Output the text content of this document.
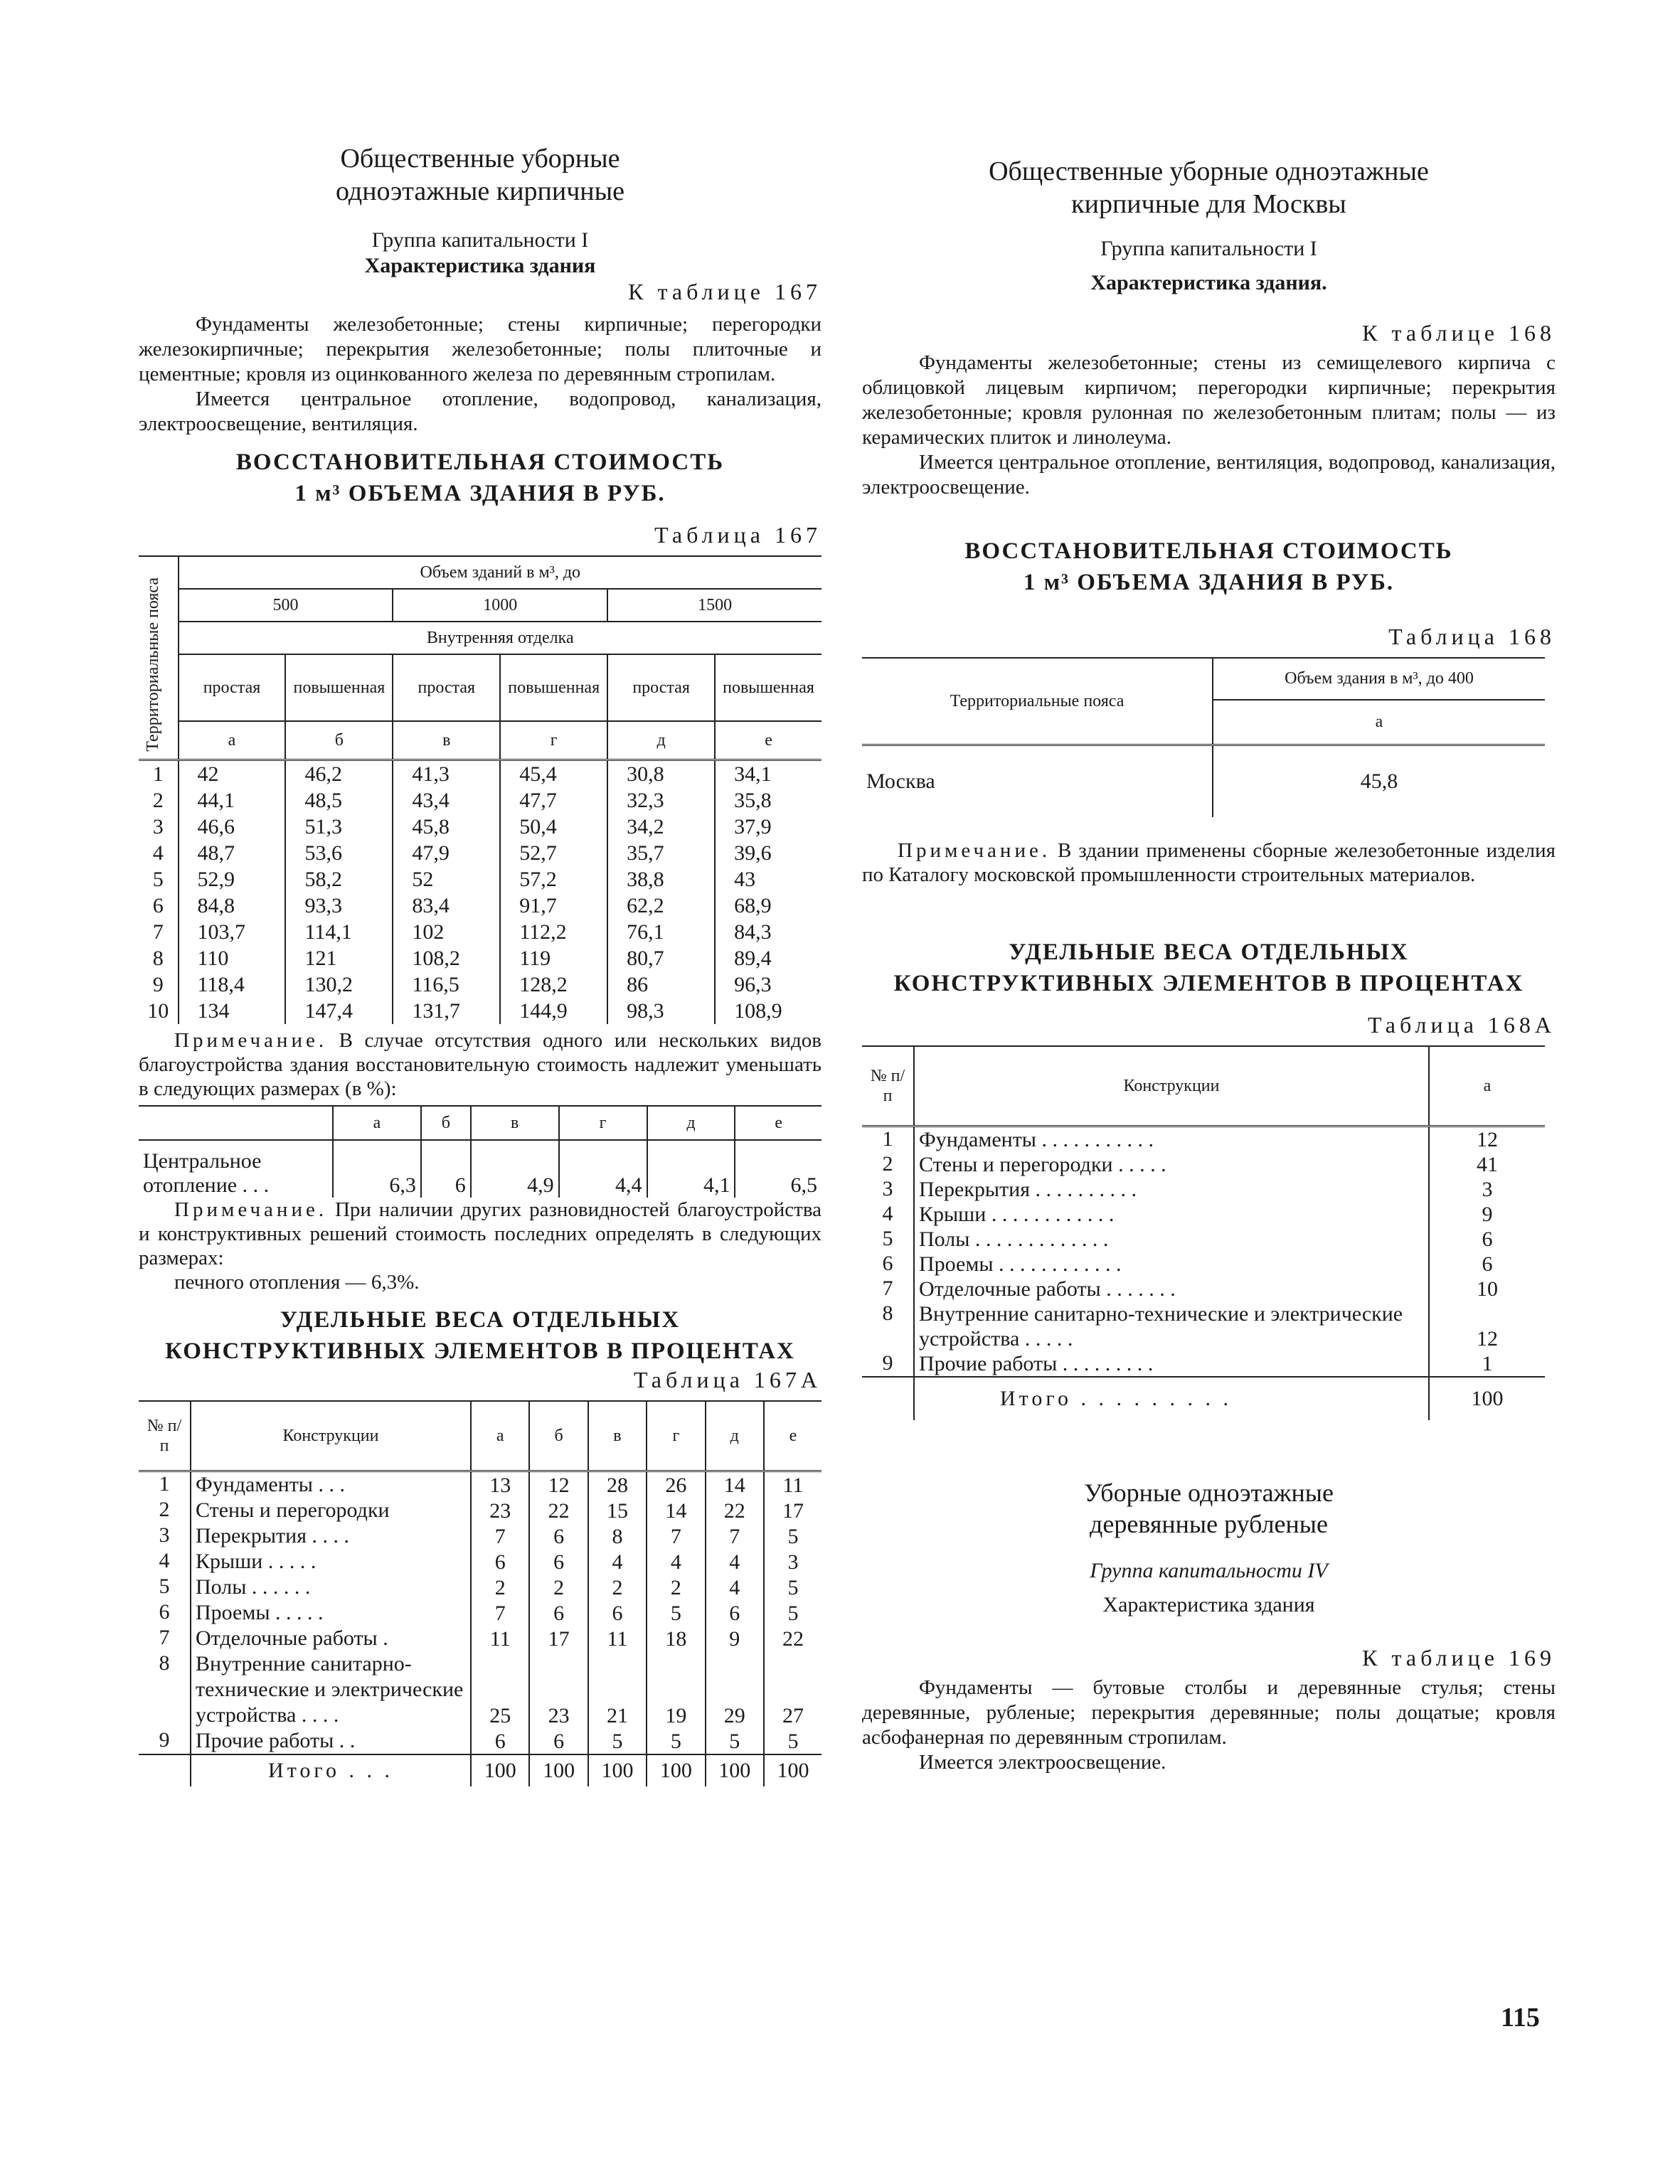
Общественные уборные

одноэтажные кирпичные

Группа капитальности I

Характеристика здания

К таблице 167

Фундаменты железобетонные; стены кирпичные; перегородки железокирпичные; перекрытия железобетонные; полы плиточные и цементные; кровля из оцинкованного железа по деревянным стропилам.

Имеется центральное отопление, водопровод, канализация, электроосвещение, вентиляция.

ВОССТАНОВИТЕЛЬНАЯ СТОИМОСТЬ

1 м³ ОБЪЕМА ЗДАНИЯ В РУБ.

Таблица 167

Территориальные пояса	Объем зданий в м³, до					
	500		1000		1500	
	Внутренняя отделка					
	простая	повышенная	простая	повышенная	простая	повышенная
	а	б	в	г	д	е
1	42	46,2	41,3	45,4	30,8	34,1
2	44,1	48,5	43,4	47,7	32,3	35,8
3	46,6	51,3	45,8	50,4	34,2	37,9
4	48,7	53,6	47,9	52,7	35,7	39,6
5	52,9	58,2	52	57,2	38,8	43
6	84,8	93,3	83,4	91,7	62,2	68,9
7	103,7	114,1	102	112,2	76,1	84,3
8	110	121	108,2	119	80,7	89,4
9	118,4	130,2	116,5	128,2	86	96,3
10	134	147,4	131,7	144,9	98,3	108,9

Примечание. В случае отсутствия одного или нескольких видов благоустройства здания восстановительную стоимость надлежит уменьшать в следующих размерах (в %):

	а	б	в	г	д	е
Центральное отопление . . .	6,3	6	4,9	4,4	4,1	6,5

Примечание. При наличии других разновидностей благоустройства и конструктивных решений стоимость последних определять в следующих размерах:

печного отопления — 6,3%.

УДЕЛЬНЫЕ ВЕСА ОТДЕЛЬНЫХ

КОНСТРУКТИВНЫХ ЭЛЕМЕНТОВ В ПРОЦЕНТАХ

Таблица 167А

№ п/п	Конструкции	а	б	в	г	д	е
1	Фундаменты . . .	13	12	28	26	14	11
2	Стены и перегородки	23	22	15	14	22	17
3	Перекрытия . . . .	7	6	8	7	7	5
4	Крыши . . . . .	6	6	4	4	4	3
5	Полы . . . . . .	2	2	2	2	4	5
6	Проемы . . . . .	7	6	6	5	6	5
7	Отделочные работы .	11	17	11	18	9	22
8	Внутренние санитарно-технические и электрические устройства . . . .	25	23	21	19	29	27
9	Прочие работы . .	6	6	5	5	5	5
	Итого . . .	100	100	100	100	100	100

Общественные уборные одноэтажные

кирпичные для Москвы

Группа капитальности I

Характеристика здания.

К таблице 168

Фундаменты железобетонные; стены из семищелевого кирпича с облицовкой лицевым кирпичом; перегородки кирпичные; перекрытия железобетонные; кровля рулонная по железобетонным плитам; полы — из керамических плиток и линолеума.

Имеется центральное отопление, вентиляция, водопровод, канализация, электроосвещение.

ВОССТАНОВИТЕЛЬНАЯ СТОИМОСТЬ

1 м³ ОБЪЕМА ЗДАНИЯ В РУБ.

Таблица 168

Территориальные пояса	Объем здания в м³, до 400
	а
Москва	45,8

Примечание. В здании применены сборные железобетонные изделия по Каталогу московской промышленности строительных материалов.

УДЕЛЬНЫЕ ВЕСА ОТДЕЛЬНЫХ

КОНСТРУКТИВНЫХ ЭЛЕМЕНТОВ В ПРОЦЕНТАХ

Таблица 168А

№ п/п	Конструкции	а
1	Фундаменты . . . . . . . . . . .	12
2	Стены и перегородки . . . . .	41
3	Перекрытия . . . . . . . . . .	3
4	Крыши . . . . . . . . . . . .	9
5	Полы . . . . . . . . . . . . .	6
6	Проемы . . . . . . . . . . . .	6
7	Отделочные работы . . . . . . .	10
8	Внутренние санитарно-технические и электрические устройства . . . . .	12
9	Прочие работы . . . . . . . . .	1
	Итого . . . . . . . . .	100

Уборные одноэтажные

деревянные рубленые

Группа капитальности IV

Характеристика здания

К таблице 169

Фундаменты — бутовые столбы и деревянные стулья; стены деревянные, рубленые; перекрытия деревянные; полы дощатые; кровля асбофанерная по деревянным стропилам.

Имеется электроосвещение.

115
